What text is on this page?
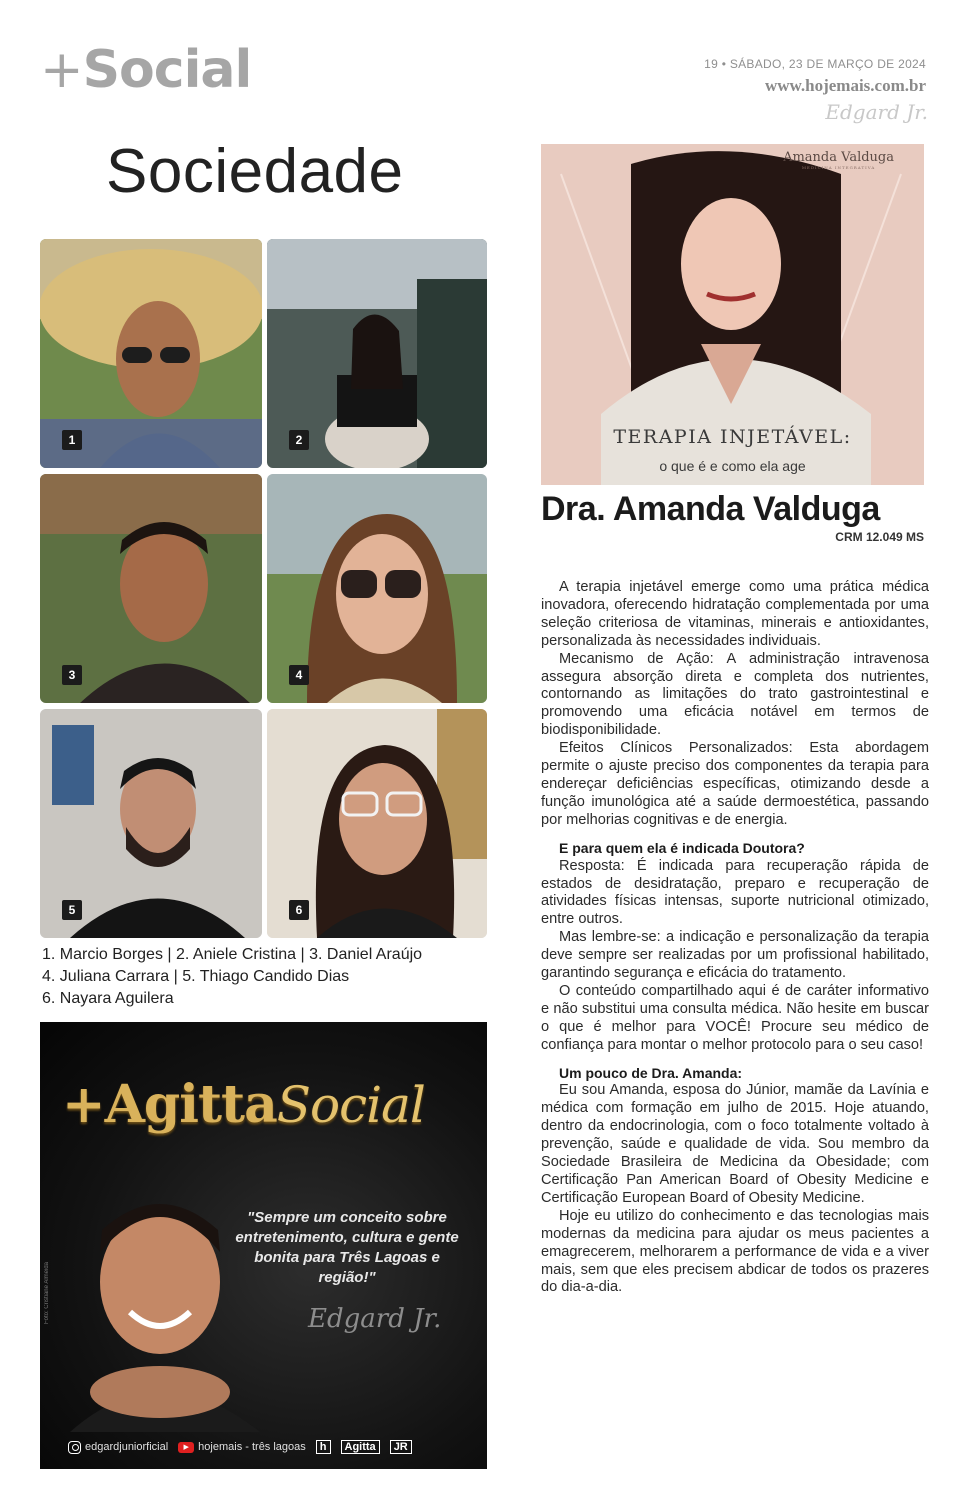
+Social	19 • SÁBADO, 23 DE MARÇO DE 2024
www.hojemais.com.br
Edgard Jr.
Sociedade
1	2
3	4
5	6
1. Marcio Borges | 2. Aniele Cristina | 3. Daniel Araújo
4. Juliana Carrara | 5. Thiago Candido Dias
6. Nayara Aguilera
+AgittaSocial
"Sempre um conceito sobre entretenimento, cultura e gente bonita para Três Lagoas e região!"
Edgard Jr.
Foto: Cristiane Almeida
edgardjuniorficial	▶ hojemais - três lagoas	h	Agitta	JR
Amanda Valduga
MEDICINA INTEGRATIVA
TERAPIA INJETÁVEL:
o que é e como ela age
Dra. Amanda Valduga
CRM 12.049 MS

A terapia injetável emerge como uma prática médica inovadora, oferecendo hidratação complementada por uma seleção criteriosa de vitaminas, minerais e antioxidantes, personalizada às necessidades individuais.

Mecanismo de Ação: A administração intravenosa assegura absorção direta e completa dos nutrientes, contornando as limitações do trato gastrointestinal e promovendo uma eficácia notável em termos de biodisponibilidade.

Efeitos Clínicos Personalizados: Esta abordagem permite o ajuste preciso dos componentes da terapia para endereçar deficiências específicas, otimizando desde a função imunológica até a saúde dermoestética, passando por melhorias cognitivas e de energia.

E para quem ela é indicada Doutora?

Resposta: É indicada para recuperação rápida de estados de desidratação, preparo e recuperação de atividades físicas intensas, suporte nutricional otimizado, entre outros.

Mas lembre-se: a indicação e personalização da terapia deve sempre ser realizadas por um profissional habilitado, garantindo segurança e eficácia do tratamento.

O conteúdo compartilhado aqui é de caráter informativo e não substitui uma consulta médica. Não hesite em buscar o que é melhor para VOCÊ! Procure seu médico de confiança para montar o melhor protocolo para o seu caso!

Um pouco de Dra. Amanda:

Eu sou Amanda, esposa do Júnior, mamãe da Lavínia e médica com formação em julho de 2015. Hoje atuando, dentro da endocrinologia, com o foco totalmente voltado à prevenção, saúde e qualidade de vida. Sou membro da Sociedade Brasileira de Medicina da Obesidade; com Certificação Pan American Board of Obesity Medicine e Certificação European Board of Obesity Medicine.

Hoje eu utilizo do conhecimento e das tecnologias mais modernas da medicina para ajudar os meus pacientes a emagrecerem, melhorarem a performance de vida e a viver mais, sem que eles precisem abdicar de todos os prazeres do dia-a-dia.
